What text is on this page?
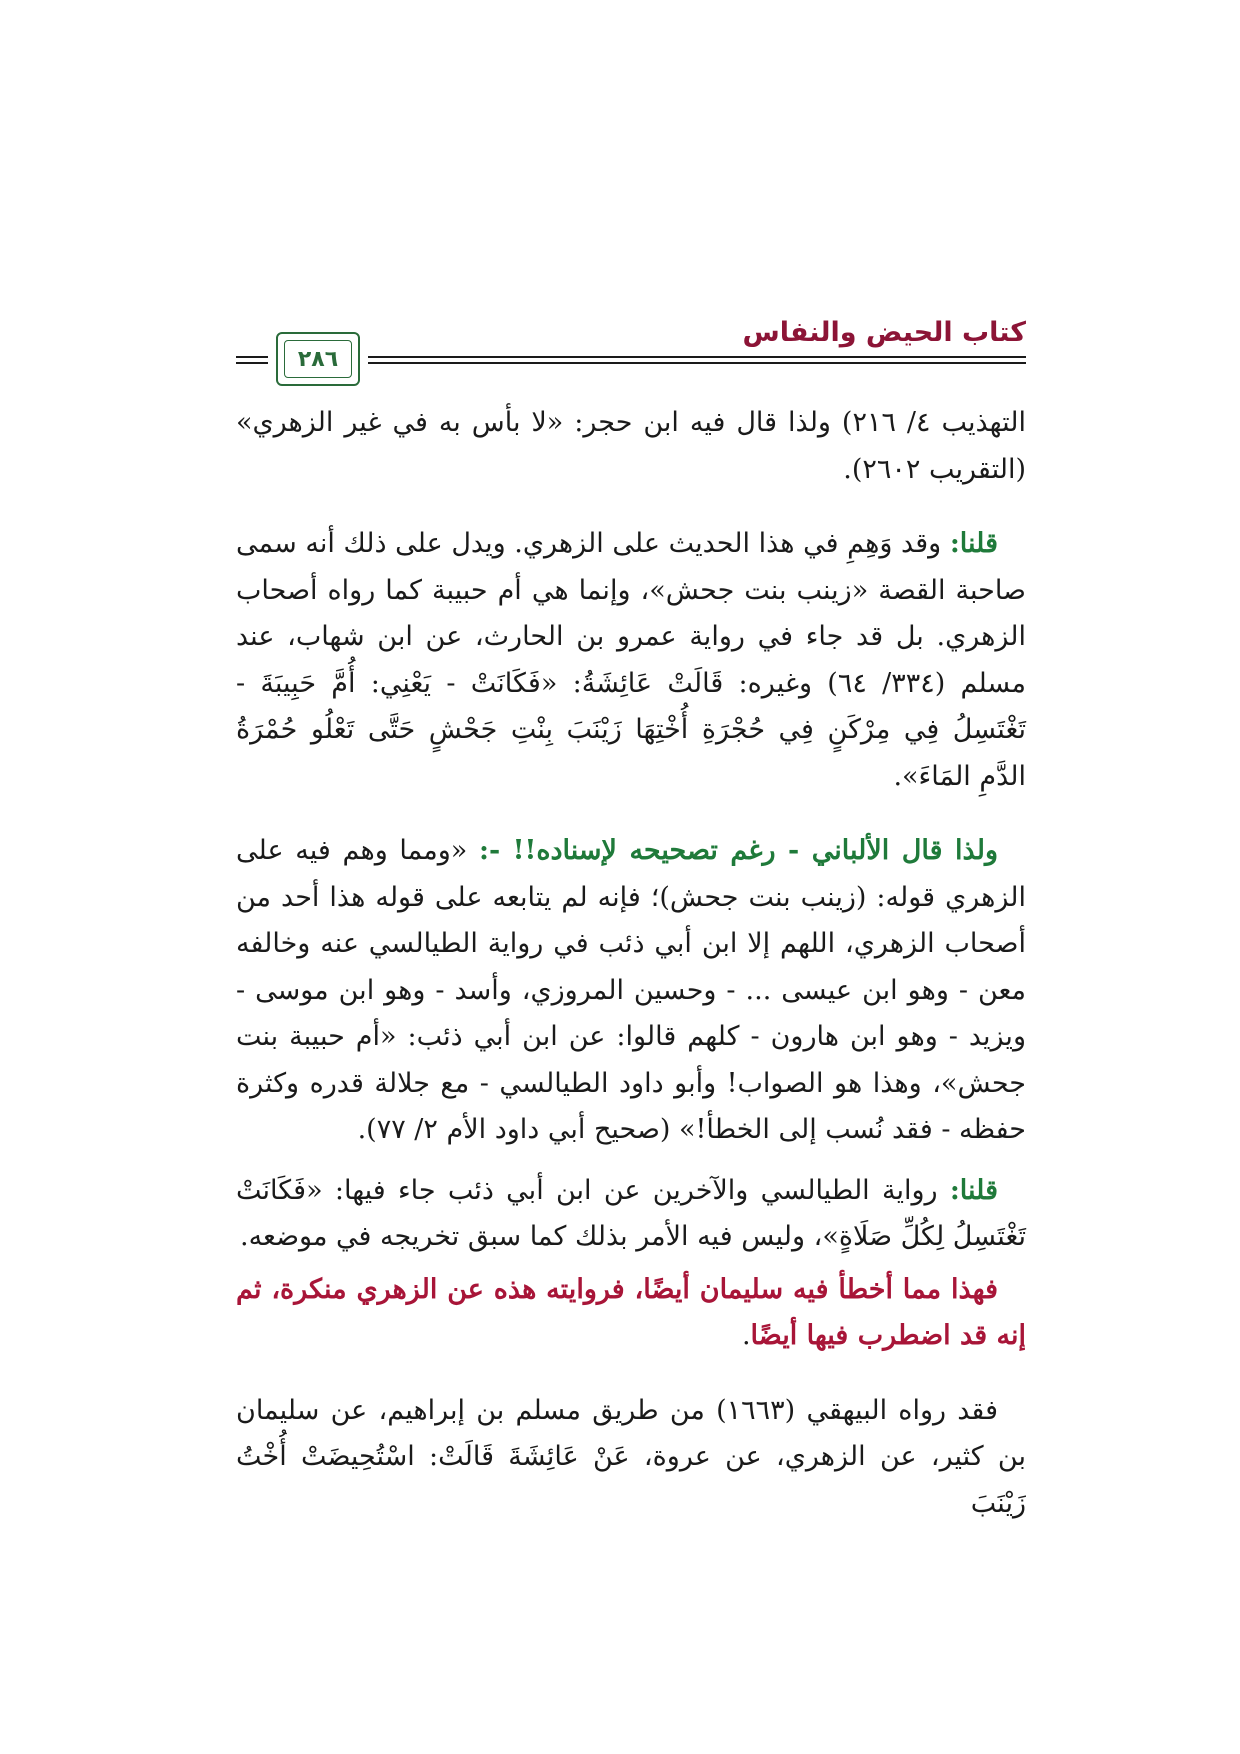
كتاب الحيض والنفاس
٢٨٦

التهذيب ٤/ ٢١٦) ولذا قال فيه ابن حجر: «لا بأس به في غير الزهري» (التقريب ٢٦٠٢).

قلنا: وقد وَهِمِ في هذا الحديث على الزهري. ويدل على ذلك أنه سمى صاحبة القصة «زينب بنت جحش»، وإنما هي أم حبيبة كما رواه أصحاب الزهري. بل قد جاء في رواية عمرو بن الحارث، عن ابن شهاب، عند مسلم (٣٣٤/ ٦٤) وغيره: قَالَتْ عَائِشَةُ: «فَكَانَتْ - يَعْنِي: أُمَّ حَبِيبَةَ - تَغْتَسِلُ فِي مِرْكَنٍ فِي حُجْرَةِ أُخْتِهَا زَيْنَبَ بِنْتِ جَحْشٍ حَتَّى تَعْلُو حُمْرَةُ الدَّمِ المَاءَ».

ولذا قال الألباني - رغم تصحيحه لإسناده!! -: «ومما وهم فيه على الزهري قوله: (زينب بنت جحش)؛ فإنه لم يتابعه على قوله هذا أحد من أصحاب الزهري، اللهم إلا ابن أبي ذئب في رواية الطيالسي عنه وخالفه معن - وهو ابن عيسى ... - وحسين المروزي، وأسد - وهو ابن موسى - ويزيد - وهو ابن هارون - كلهم قالوا: عن ابن أبي ذئب: «أم حبيبة بنت جحش»، وهذا هو الصواب! وأبو داود الطيالسي - مع جلالة قدره وكثرة حفظه - فقد نُسب إلى الخطأ!» (صحيح أبي داود الأم ٢/ ٧٧).

قلنا: رواية الطيالسي والآخرين عن ابن أبي ذئب جاء فيها: «فَكَانَتْ تَغْتَسِلُ لِكُلِّ صَلَاةٍ»، وليس فيه الأمر بذلك كما سبق تخريجه في موضعه.

فهذا مما أخطأ فيه سليمان أيضًا، فروايته هذه عن الزهري منكرة، ثم إنه قد اضطرب فيها أيضًا.

فقد رواه البيهقي (١٦٦٣) من طريق مسلم بن إبراهيم، عن سليمان بن كثير، عن الزهري، عن عروة، عَنْ عَائِشَةَ قَالَتْ: اسْتُحِيضَتْ أُخْتُ زَيْنَبَ
